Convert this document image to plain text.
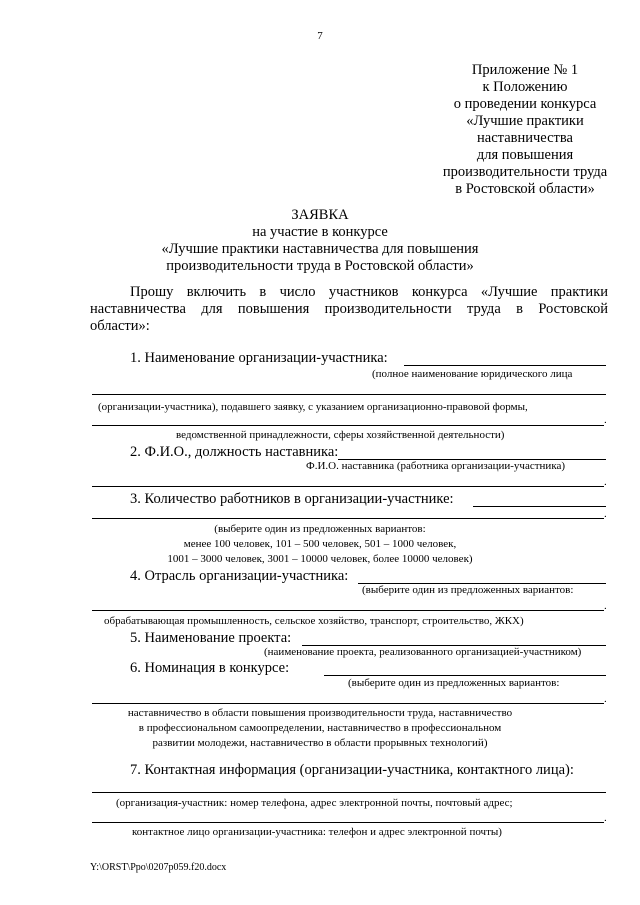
7
Приложение № 1
к Положению
о проведении конкурса
«Лучшие практики
наставничества
для повышения
производительности труда
в Ростовской области»
ЗАЯВКА
на участие в конкурсе
«Лучшие практики наставничества для повышения
производительности труда в Ростовской области»
Прошу включить в число участников конкурса «Лучшие практики
наставничества для повышения производительности труда в Ростовской
области»:
1. Наименование организации-участника:
(полное наименование юридического лица
(организации-участника), подавшего заявку, с указанием организационно-правовой формы,
.
ведомственной принадлежности, сферы хозяйственной деятельности)
2. Ф.И.О., должность наставника:
Ф.И.О. наставника (работника организации-участника)
.
3. Количество работников в организации-участнике:
.
(выберите один из предложенных вариантов:
менее 100 человек, 101 – 500 человек, 501 – 1000 человек,
1001 – 3000 человек, 3001 – 10000 человек, более 10000 человек)
4. Отрасль организации-участника:
(выберите один из предложенных вариантов:
.
обрабатывающая промышленность, сельское хозяйство, транспорт, строительство, ЖКХ)
5. Наименование проекта:
(наименование проекта, реализованного организацией-участником)
6. Номинация в конкурсе:
(выберите один из предложенных вариантов:
.
наставничество в области повышения производительности труда, наставничество
в профессиональном самоопределении, наставничество в профессиональном
развитии молодежи, наставничество в области прорывных технологий)
7. Контактная информация (организации-участника, контактного лица):
(организация-участник: номер телефона, адрес электронной почты, почтовый адрес;
.
контактное лицо организации-участника: телефон и адрес электронной почты)
Y:\ORST\Ppo\0207p059.f20.docx
